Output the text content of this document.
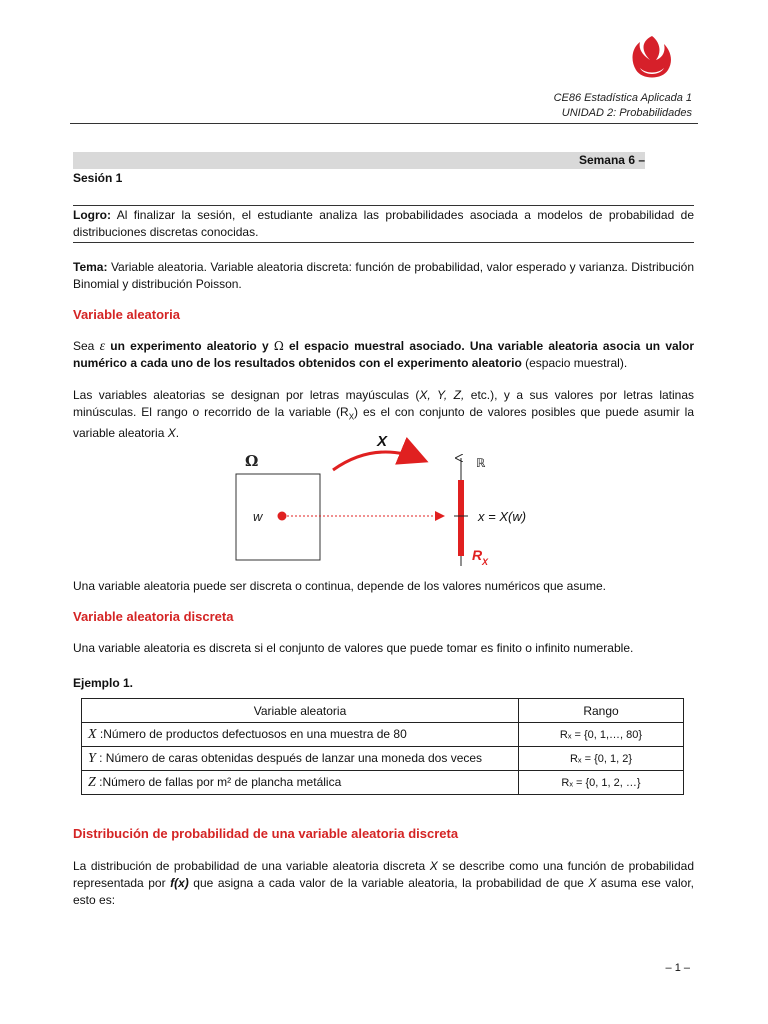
CE86 Estadística Aplicada 1
UNIDAD 2: Probabilidades
Semana 6 –
Sesión 1
Logro: Al finalizar la sesión, el estudiante analiza las probabilidades asociada a modelos de probabilidad de distribuciones discretas conocidas.
Tema: Variable aleatoria. Variable aleatoria discreta: función de probabilidad, valor esperado y varianza. Distribución Binomial y distribución Poisson.
Variable aleatoria
Sea ε un experimento aleatorio y Ω el espacio muestral asociado. Una variable aleatoria asocia un valor numérico a cada uno de los resultados obtenidos con el experimento aleatorio (espacio muestral).
Las variables aleatorias se designan por letras mayúsculas (X, Y, Z, etc.), y a sus valores por letras latinas minúsculas. El rango o recorrido de la variable $(R_X)$ es el con conjunto de valores posibles que puede asumir la variable aleatoria X.
Ω
w
X
ℝ
x = X(w)
R X
Una variable aleatoria puede ser discreta o continua, depende de los valores numéricos que asume.
Variable aleatoria discreta
Una variable aleatoria es discreta si el conjunto de valores que puede tomar es finito o infinito numerable.
Ejemplo 1.
Variable aleatoria	Rango
X :Número de productos defectuosos en una muestra de 80	Rₓ = {0, 1,…, 80}
Y : Número de caras obtenidas después de lanzar una moneda dos veces	Rₓ = {0, 1, 2}
Z :Número de fallas por m² de plancha metálica	Rₓ = {0, 1, 2, …}
Distribución de probabilidad de una variable aleatoria discreta
La distribución de probabilidad de una variable aleatoria discreta X se describe como una función de probabilidad representada por f(x) que asigna a cada valor de la variable aleatoria, la probabilidad de que X asuma ese valor, esto es:
– 1 –
